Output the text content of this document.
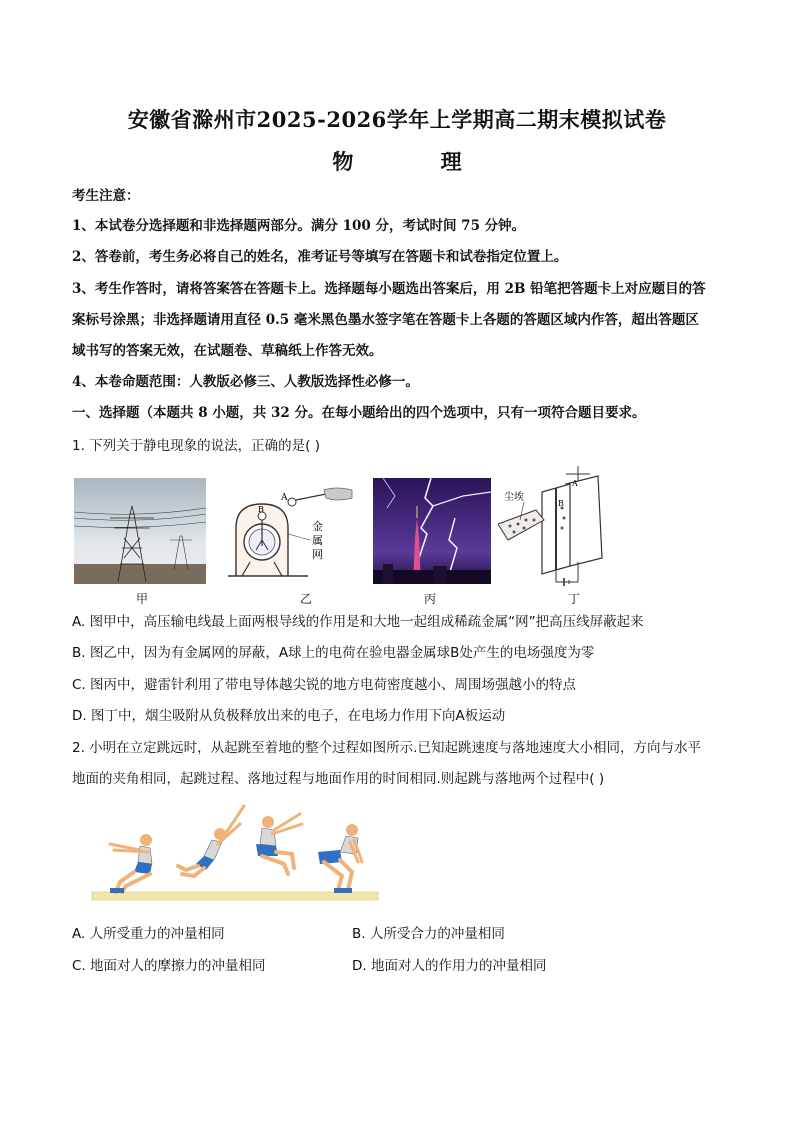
安徽省滁州市2025-2026学年上学期高二期末模拟试卷
物	理
考生注意：
1、本试卷分选择题和非选择题两部分。满分 100 分，考试时间 75 分钟。
2、答卷前，考生务必将自己的姓名，准考证号等填写在答题卡和试卷指定位置上。
3、考生作答时，请将答案答在答题卡上。选择题每小题选出答案后，用 2B 铅笔把答题卡上对应题目的答
案标号涂黑；非选择题请用直径 0.5 毫米黑色墨水签字笔在答题卡上各题的答题区域内作答，超出答题区
域书写的答案无效，在试题卷、草稿纸上作答无效。
4、本卷命题范围：人教版必修三、人教版选择性必修一。
一、选择题（本题共 8 小题，共 32 分。在每小题给出的四个选项中，只有一项符合题目要求。
1. 下列关于静电现象的说法，正确的是( )
甲
A
B
金
属
网
乙	丙
A
B
尘埃
丁
A. 图甲中，高压输电线最上面两根导线的作用是和大地一起组成稀疏金属“网”把高压线屏蔽起来
B. 图乙中，因为有金属网的屏蔽，A球上的电荷在验电器金属球B处产生的电场强度为零
C. 图丙中，避雷针利用了带电导体越尖锐的地方电荷密度越小、周围场强越小的特点
D. 图丁中，烟尘吸附从负极释放出来的电子，在电场力作用下向A板运动
2. 小明在立定跳远时，从起跳至着地的整个过程如图所示.已知起跳速度与落地速度大小相同，方向与水平
地面的夹角相同，起跳过程、落地过程与地面作用的时间相同.则起跳与落地两个过程中( )
A. 人所受重力的冲量相同	B. 人所受合力的冲量相同
C. 地面对人的摩擦力的冲量相同	D. 地面对人的作用力的冲量相同
